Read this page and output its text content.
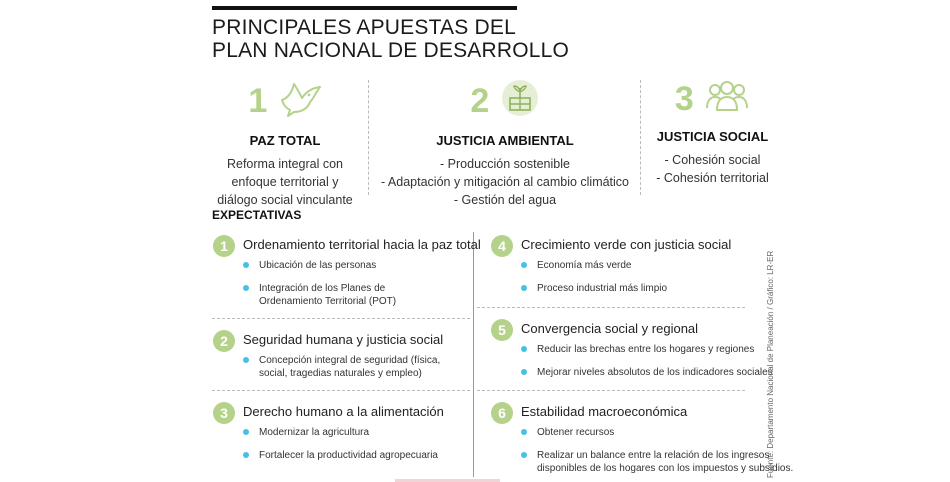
PRINCIPALES APUESTAS DEL
PLAN NACIONAL DE DESARROLLO
1
PAZ TOTAL
Reforma integral con
enfoque territorial y
diálogo social vinculante
2
JUSTICIA AMBIENTAL
- Producción sostenible
- Adaptación y mitigación al cambio climático
- Gestión del agua
3
JUSTICIA SOCIAL
- Cohesión social
- Cohesión territorial
EXPECTATIVAS
1	Ordenamiento territorial hacia la paz total
Ubicación de las personas
Integración de los Planes de
Ordenamiento Territorial (POT)
2	Seguridad humana y justicia social
Concepción integral de seguridad (física,
social, tragedias naturales y empleo)
3	Derecho humano a la alimentación
Modernizar la agricultura
Fortalecer la productividad agropecuaria
4	Crecimiento verde con justicia social
Economía más verde
Proceso industrial más limpio
5	Convergencia social y regional
Reducir las brechas entre los hogares y regiones
Mejorar niveles absolutos de los indicadores sociales
6	Estabilidad macroeconómica
Obtener recursos
Realizar un balance entre la relación de los ingresos
disponibles de los hogares con los impuestos y subsidios.
Fuente: Departamento Nacional de Planeación / Gráfico: LR-ER
